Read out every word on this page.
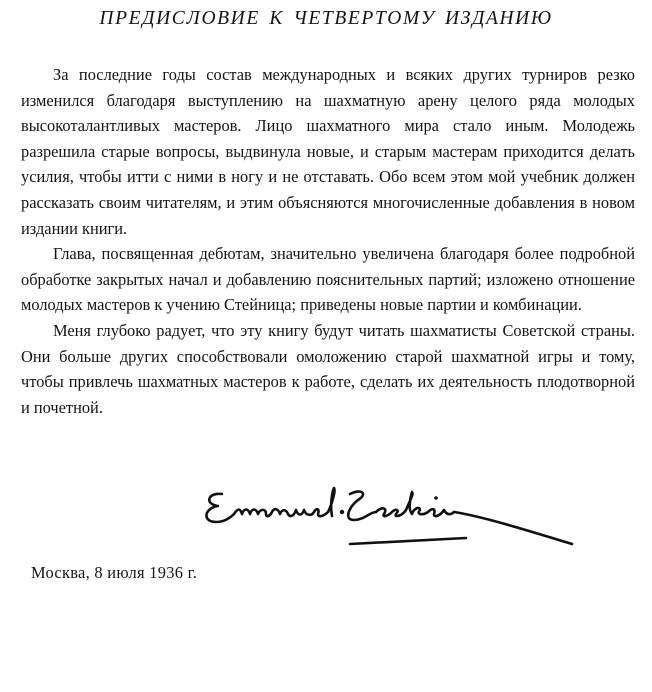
ПРЕДИСЛОВИЕ К ЧЕТВЕРТОМУ ИЗДАНИЮ

За последние годы состав международных и всяких других турниров резко изменился благодаря выступлению на шахматную арену целого ряда молодых высокоталантливых мастеров. Лицо шахматного мира стало иным. Молодежь разрешила старые вопросы, выдвинула новые, и старым мастерам приходится делать усилия, чтобы итти с ними в ногу и не отставать. Обо всем этом мой учебник должен рассказать своим читателям, и этим объясняются многочисленные добавления в новом издании книги.

Глава, посвященная дебютам, значительно увеличена благодаря более подробной обработке закрытых начал и добавлению пояснительных партий; изложено отношение молодых мастеров к учению Стейница; приведены новые партии и комбинации.

Меня глубоко радует, что эту книгу будут читать шахматисты Советской страны. Они больше других способствовали омоложению старой шахматной игры и тому, чтобы привлечь шахматных мастеров к работе, сделать их деятельность плодотворной и почетной.

Москва, 8 июля 1936 г.
